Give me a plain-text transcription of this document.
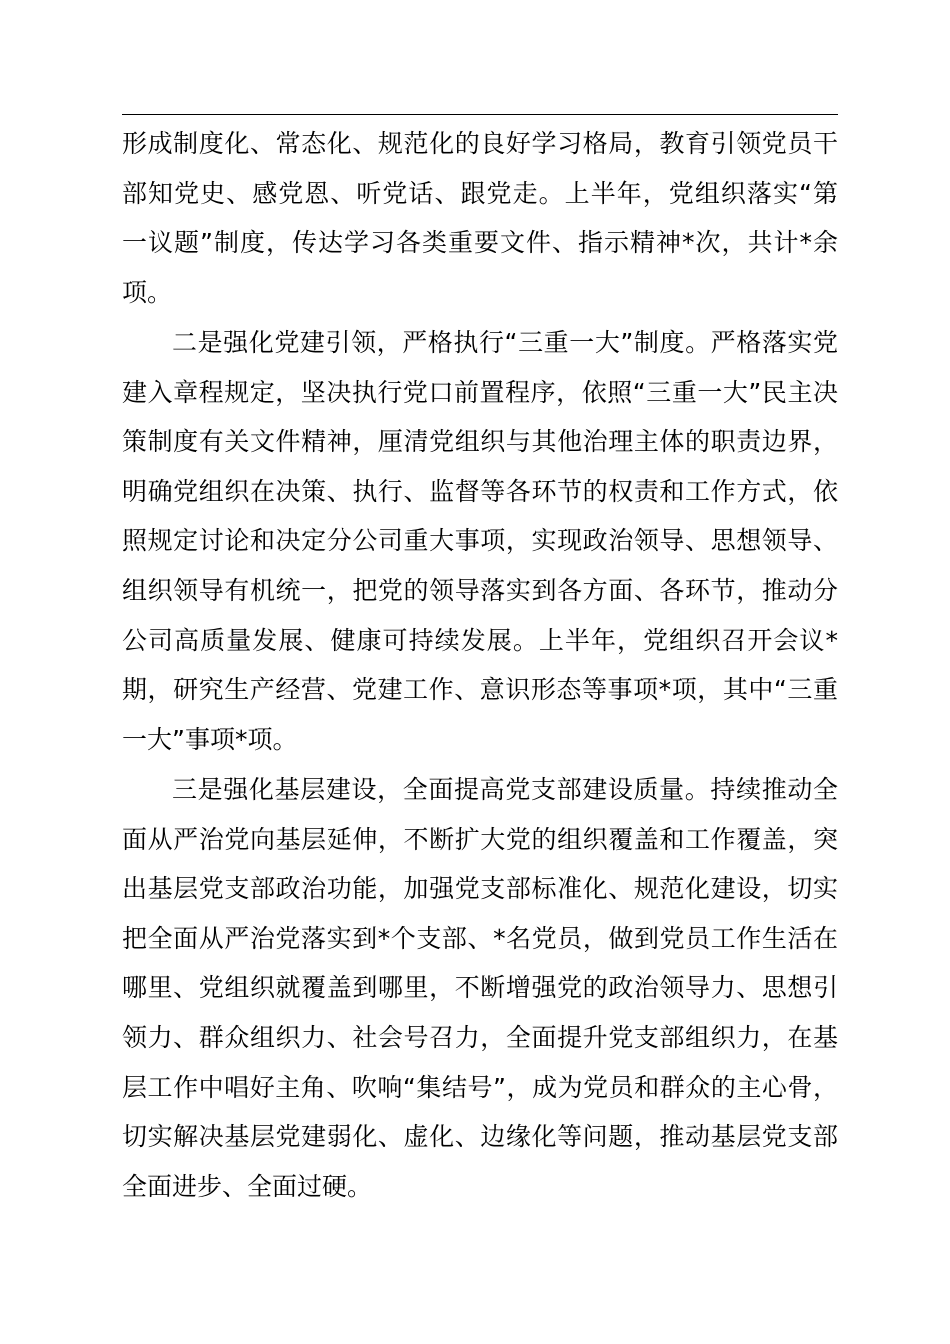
形成制度化、常态化、规范化的良好学习格局，教育引领党员干
部知党史、感党恩、听党话、跟党走。上半年，党组织落实“第
一议题”制度，传达学习各类重要文件、指示精神*次，共计*余
项。
二是强化党建引领，严格执行“三重一大”制度。严格落实党
建入章程规定，坚决执行党口前置程序，依照“三重一大”民主决
策制度有关文件精神，厘清党组织与其他治理主体的职责边界，
明确党组织在决策、执行、监督等各环节的权责和工作方式，依
照规定讨论和决定分公司重大事项，实现政治领导、思想领导、
组织领导有机统一，把党的领导落实到各方面、各环节，推动分
公司高质量发展、健康可持续发展。上半年，党组织召开会议*
期，研究生产经营、党建工作、意识形态等事项*项，其中“三重
一大”事项*项。
三是强化基层建设，全面提高党支部建设质量。持续推动全
面从严治党向基层延伸，不断扩大党的组织覆盖和工作覆盖，突
出基层党支部政治功能，加强党支部标准化、规范化建设，切实
把全面从严治党落实到*个支部、*名党员，做到党员工作生活在
哪里、党组织就覆盖到哪里，不断增强党的政治领导力、思想引
领力、群众组织力、社会号召力，全面提升党支部组织力，在基
层工作中唱好主角、吹响“集结号”，成为党员和群众的主心骨，
切实解决基层党建弱化、虚化、边缘化等问题，推动基层党支部
全面进步、全面过硬。
